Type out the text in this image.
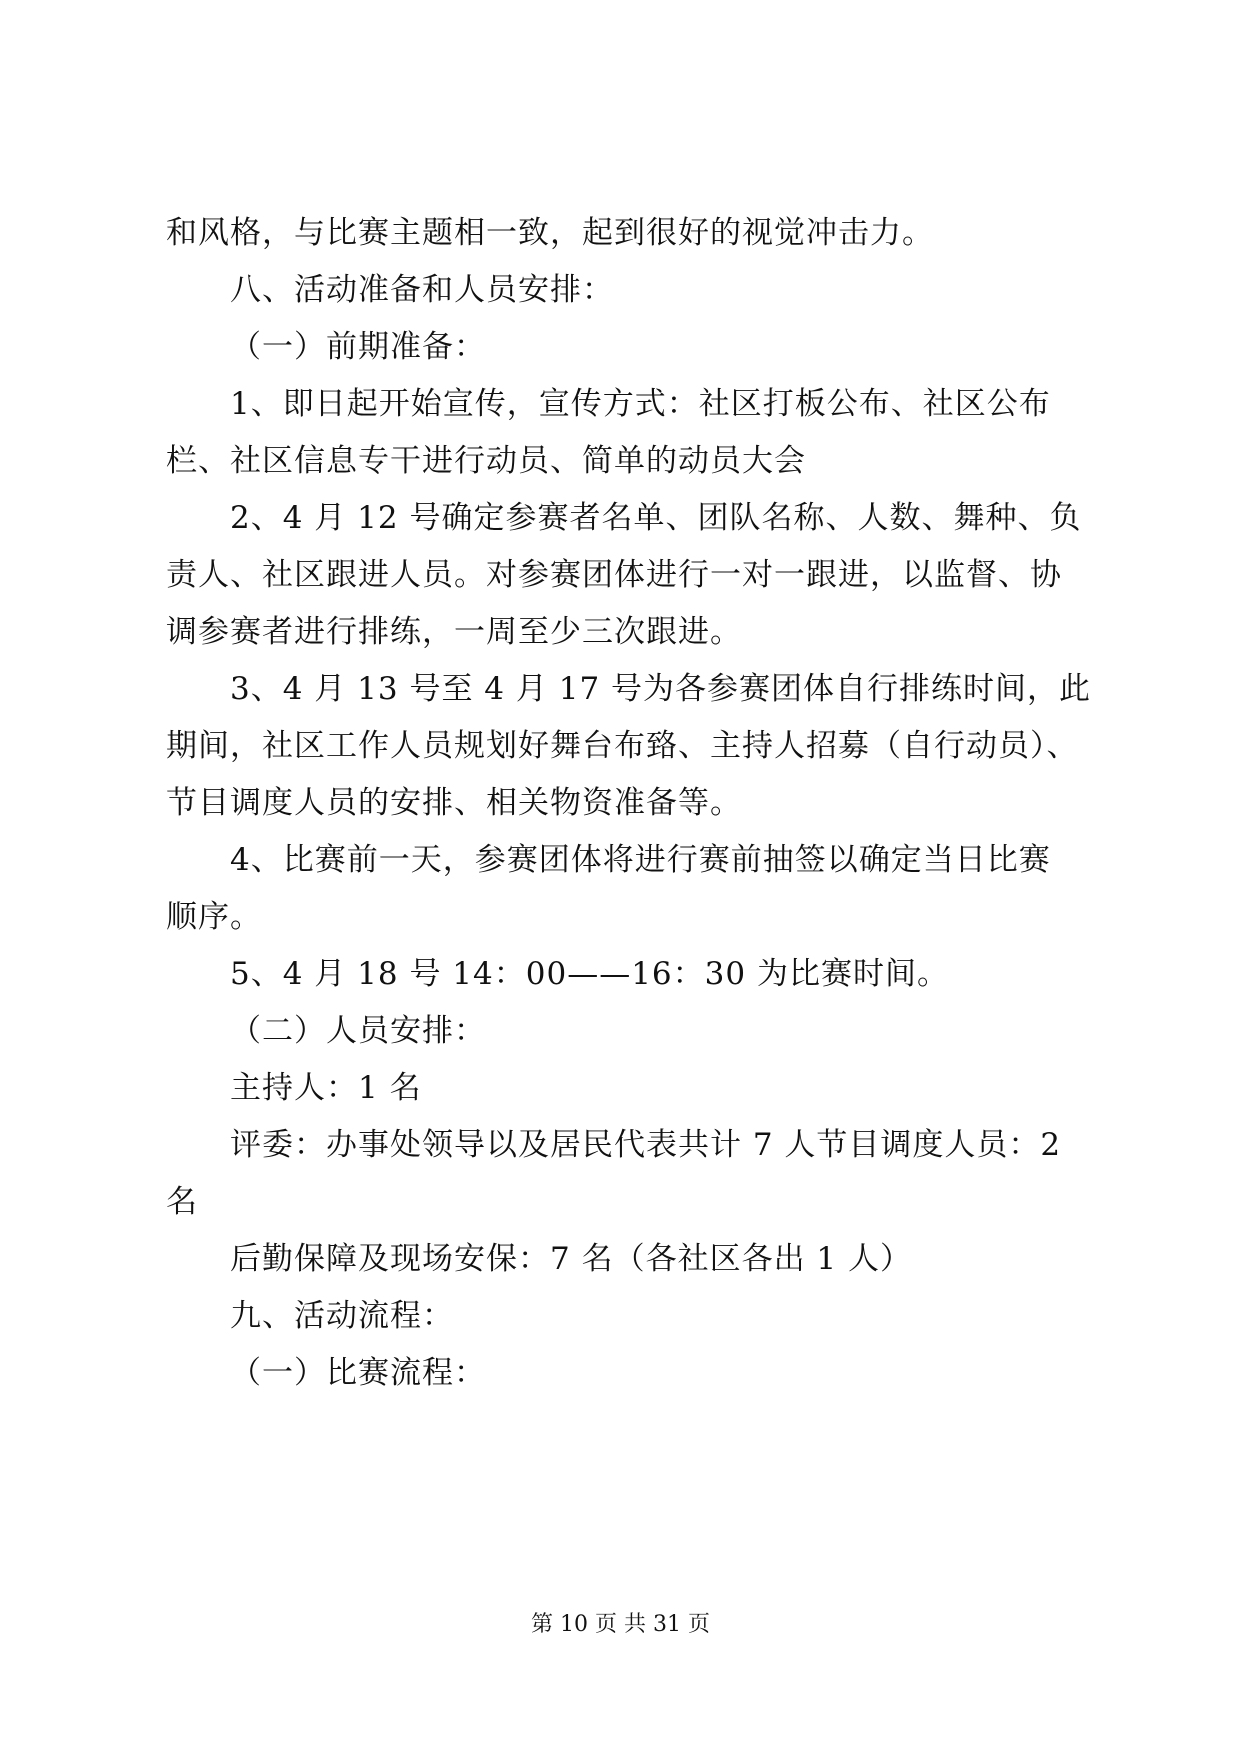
和风格，与比赛主题相一致，起到很好的视觉冲击力。
八、活动准备和人员安排：
（一）前期准备：
1、即日起开始宣传，宣传方式：社区打板公布、社区公布
栏、社区信息专干进行动员、简单的动员大会
2、4 月 12 号确定参赛者名单、团队名称、人数、舞种、负
责人、社区跟进人员。对参赛团体进行一对一跟进，以监督、协
调参赛者进行排练，一周至少三次跟进。
3、4 月 13 号至 4 月 17 号为各参赛团体自行排练时间，此
期间，社区工作人员规划好舞台布臵、主持人招募（自行动员）、
节目调度人员的安排、相关物资准备等。
4、比赛前一天，参赛团体将进行赛前抽签以确定当日比赛
顺序。
5、4 月 18 号 14：00——16：30 为比赛时间。
（二）人员安排：
主持人：1 名
评委：办事处领导以及居民代表共计 7 人节目调度人员：2
名
后勤保障及现场安保：7 名（各社区各出 1 人）
九、活动流程：
（一）比赛流程：
第 10 页 共 31 页
